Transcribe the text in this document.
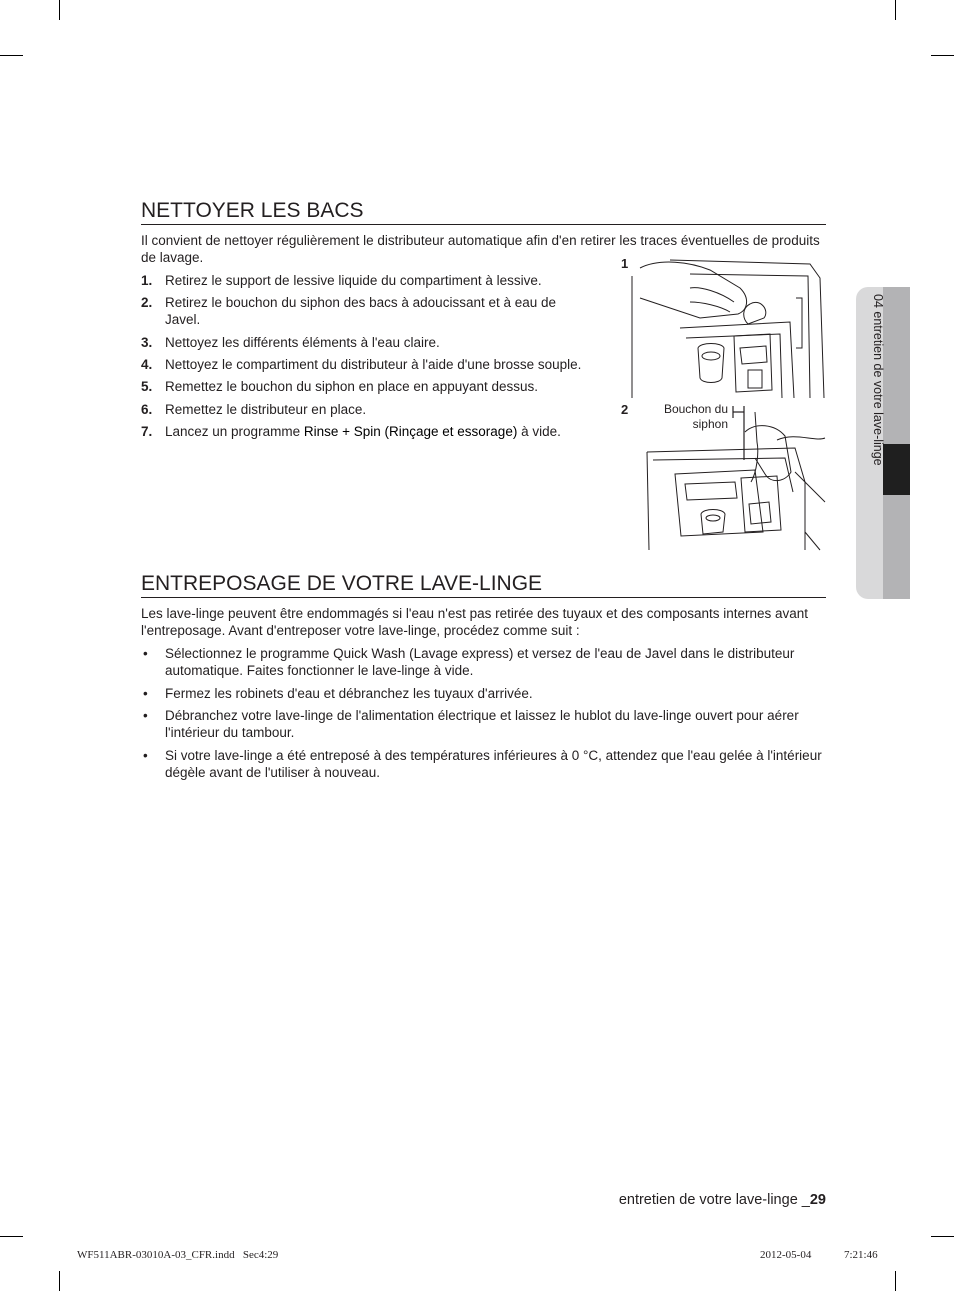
NETTOYER LES BACS
Il convient de nettoyer régulièrement le distributeur automatique afin d'en retirer les traces éventuelles de produits de lavage.
1. Retirez le support de lessive liquide du compartiment à lessive.
2. Retirez le bouchon du siphon des bacs à adoucissant et à eau de Javel.
3. Nettoyez les différents éléments à l'eau claire.
4. Nettoyez le compartiment du distributeur à l'aide d'une brosse souple.
5. Remettez le bouchon du siphon en place en appuyant dessus.
6. Remettez le distributeur en place.
7. Lancez un programme Rinse + Spin (Rinçage et essorage) à vide.
1
2	Bouchon du
siphon
ENTREPOSAGE DE VOTRE LAVE-LINGE
Les lave-linge peuvent être endommagés si l'eau n'est pas retirée des tuyaux et des composants internes avant l'entreposage. Avant d'entreposer votre lave-linge, procédez comme suit :
• Sélectionnez le programme Quick Wash (Lavage express) et versez de l'eau de Javel dans le distributeur automatique. Faites fonctionner le lave-linge à vide.
• Fermez les robinets d'eau et débranchez les tuyaux d'arrivée.
• Débranchez votre lave-linge de l'alimentation électrique et laissez le hublot du lave-linge ouvert pour aérer l'intérieur du tambour.
• Si votre lave-linge a été entreposé à des températures inférieures à 0 °C, attendez que l'eau gelée à l'intérieur dégèle avant de l'utiliser à nouveau.
04 entretien de votre lave-linge
entretien de votre lave-linge _29
WF511ABR-03010A-03_CFR.indd   Sec4:29	2012-05-04	7:21:46
